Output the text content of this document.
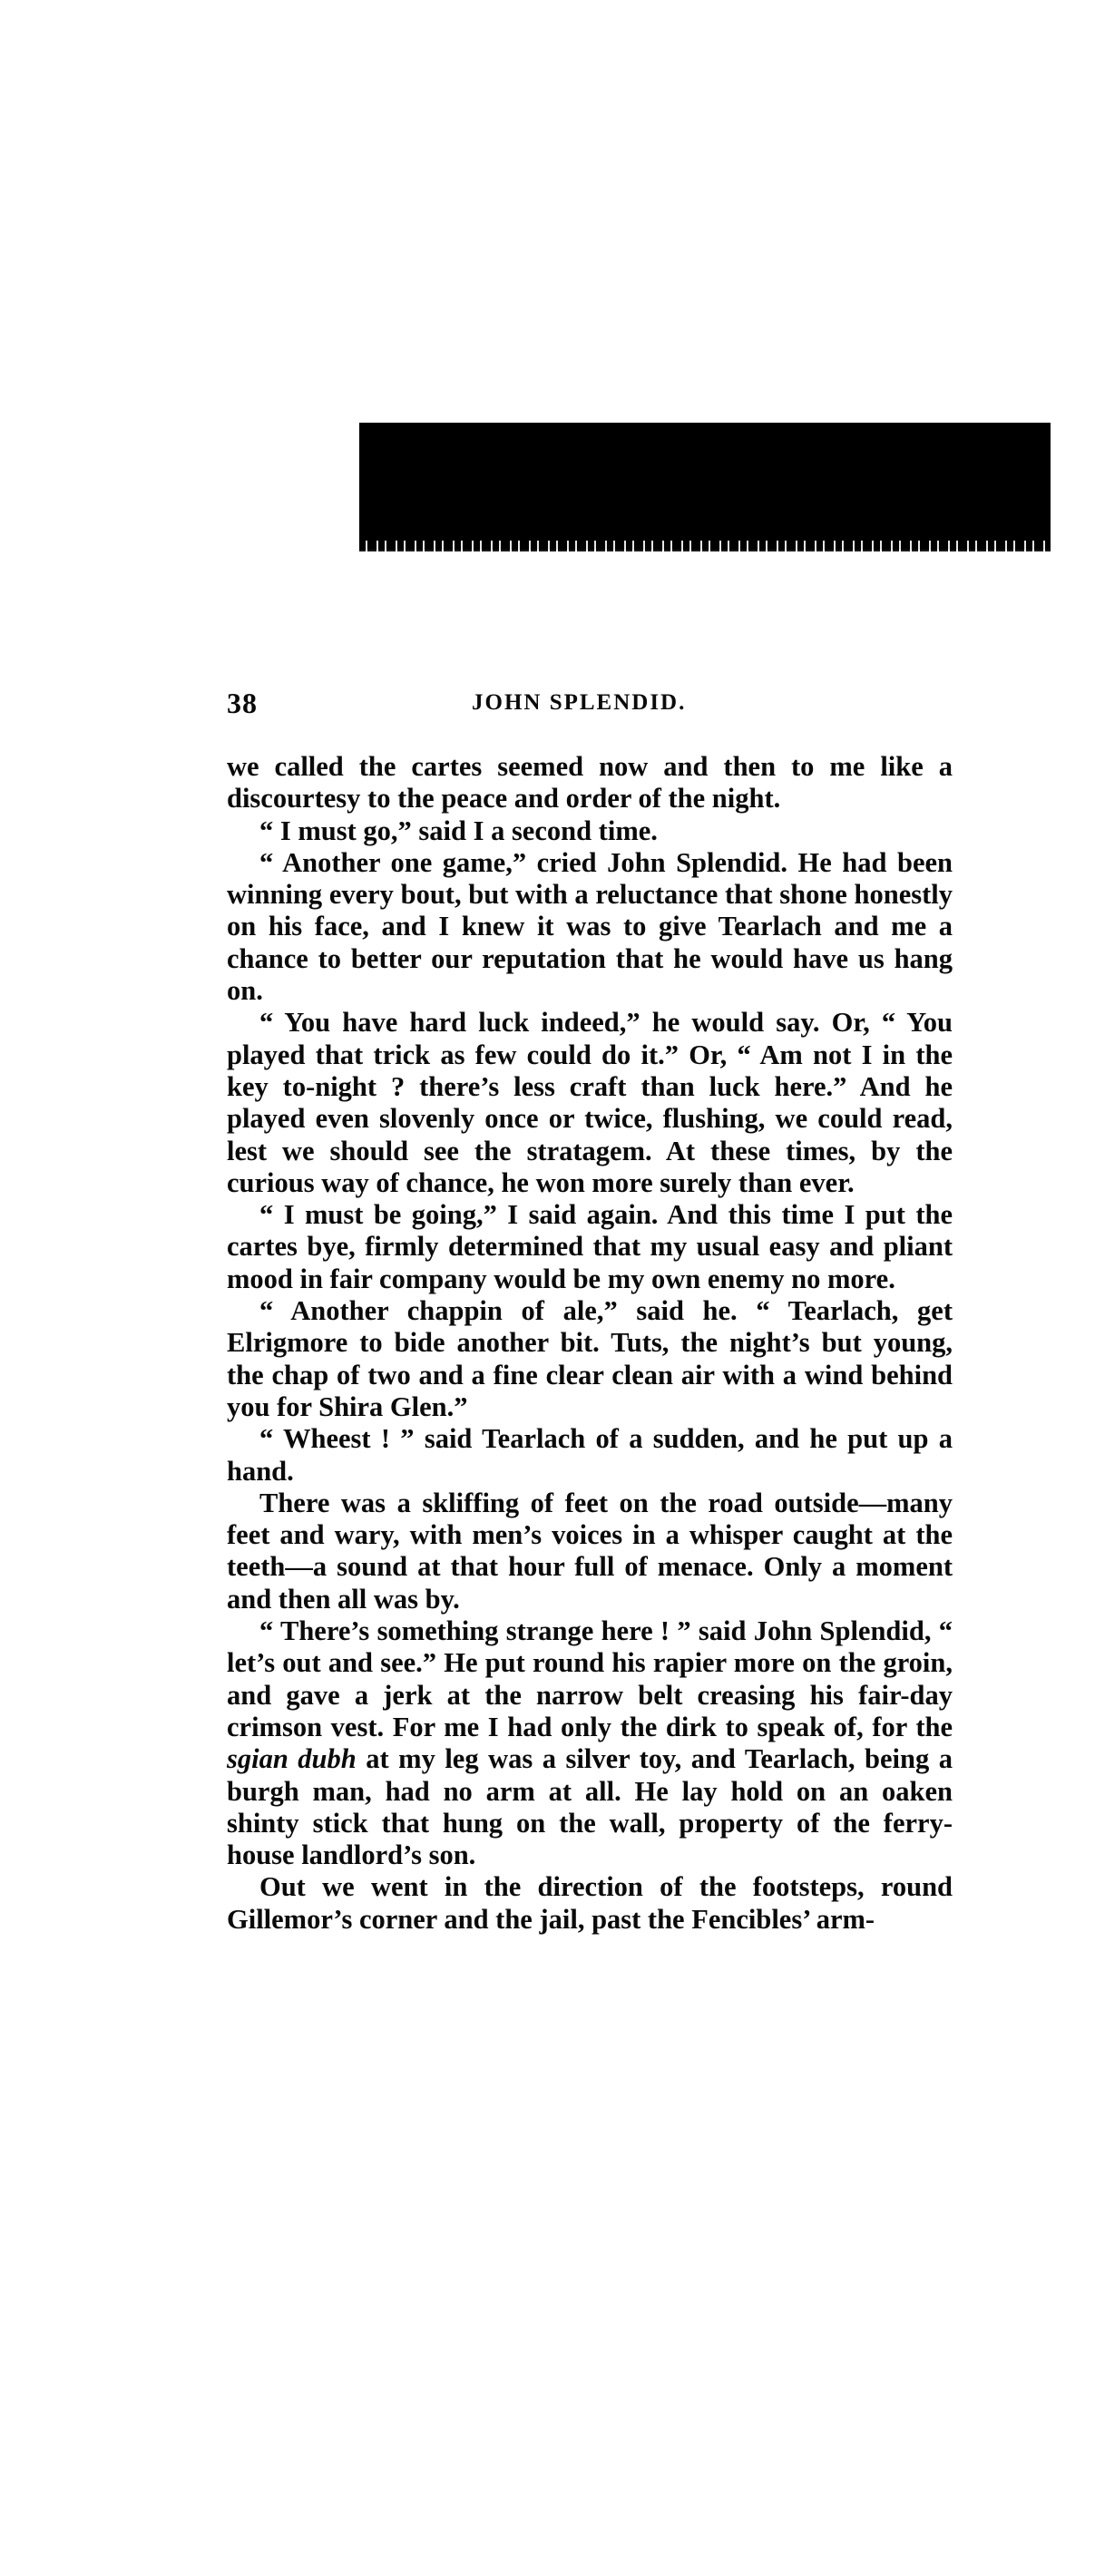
38	JOHN SPLENDID.

we called the cartes seemed now and then to me like a discourtesy to the peace and order of the night.

“ I must go,” said I a second time.

“ Another one game,” cried John Splendid. He had been winning every bout, but with a reluctance that shone honestly on his face, and I knew it was to give Tearlach and me a chance to better our reputation that he would have us hang on.

“ You have hard luck indeed,” he would say. Or, “ You played that trick as few could do it.” Or, “ Am not I in the key to-night ? there’s less craft than luck here.” And he played even slovenly once or twice, flushing, we could read, lest we should see the stratagem. At these times, by the curious way of chance, he won more surely than ever.

“ I must be going,” I said again. And this time I put the cartes bye, firmly determined that my usual easy and pliant mood in fair company would be my own enemy no more.

“ Another chappin of ale,” said he. “ Tearlach, get Elrigmore to bide another bit. Tuts, the night’s but young, the chap of two and a fine clear clean air with a wind behind you for Shira Glen.”

“ Wheest ! ” said Tearlach of a sudden, and he put up a hand.

There was a skliffing of feet on the road outside—many feet and wary, with men’s voices in a whisper caught at the teeth—a sound at that hour full of menace. Only a moment and then all was by.

“ There’s something strange here ! ” said John Splendid, “ let’s out and see.” He put round his rapier more on the groin, and gave a jerk at the narrow belt creasing his fair-day crimson vest. For me I had only the dirk to speak of, for the sgian dubh at my leg was a silver toy, and Tearlach, being a burgh man, had no arm at all. He lay hold on an oaken shinty stick that hung on the wall, property of the ferry-house landlord’s son.

Out we went in the direction of the footsteps, round Gillemor’s corner and the jail, past the Fencibles’ arm-
